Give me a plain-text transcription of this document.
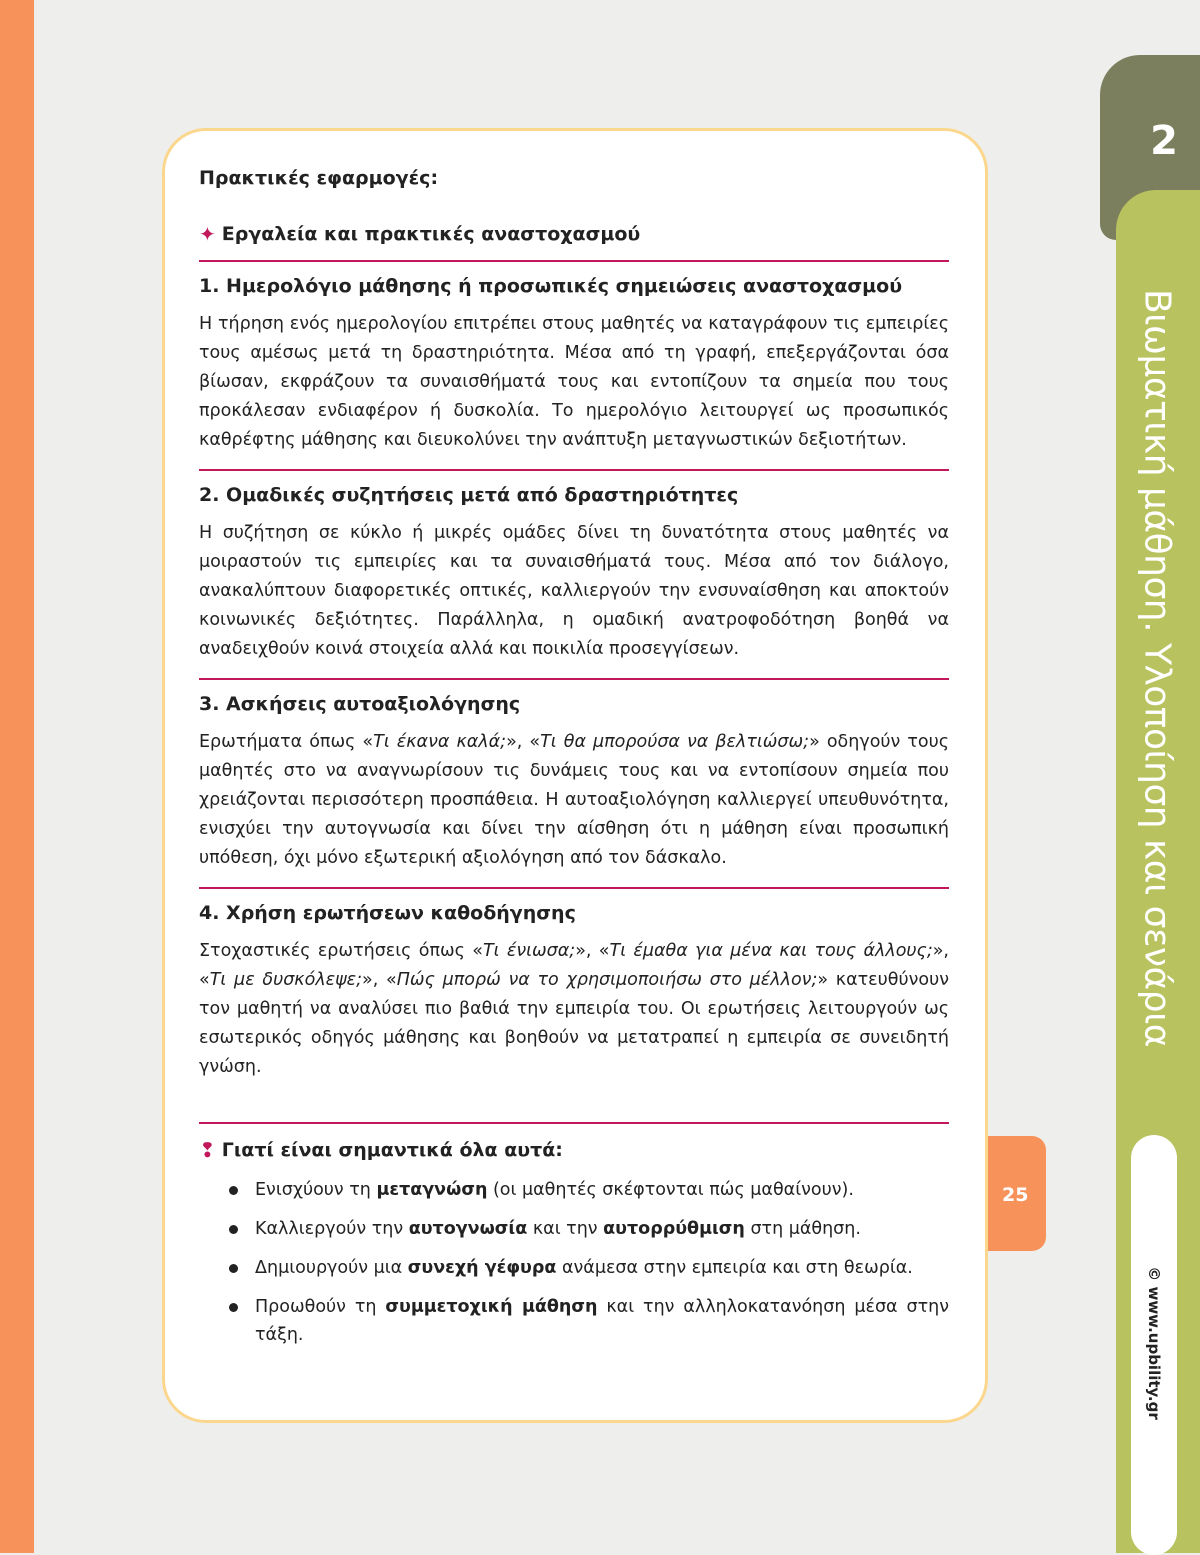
2
Βιωματική μάθηση. Υλοποίηση και σενάρια
© www.upbility.gr
25
Πρακτικές εφαρμογές:
✦ Εργαλεία και πρακτικές αναστοχασμού
1. Ημερολόγιο μάθησης ή προσωπικές σημειώσεις αναστοχασμού

Η τήρηση ενός ημερολογίου επιτρέπει στους μαθητές να καταγράφουν τις εμπειρίες τους αμέσως μετά τη δραστηριότητα. Μέσα από τη γραφή, επεξεργάζονται όσα βίωσαν, εκφράζουν τα συναισθήματά τους και εντοπίζουν τα σημεία που τους προκάλεσαν ενδιαφέρον ή δυσκολία. Το ημερολόγιο λειτουργεί ως προσωπικός καθρέφτης μάθησης και διευκολύνει την ανάπτυξη μεταγνωστικών δεξιοτήτων.

2. Ομαδικές συζητήσεις μετά από δραστηριότητες

Η συζήτηση σε κύκλο ή μικρές ομάδες δίνει τη δυνατότητα στους μαθητές να μοιραστούν τις εμπειρίες και τα συναισθήματά τους. Μέσα από τον διάλογο, ανακαλύπτουν διαφορετικές οπτικές, καλλιεργούν την ενσυναίσθηση και αποκτούν κοινωνικές δεξιότητες. Παράλληλα, η ομαδική ανατροφοδότηση βοηθά να αναδειχθούν κοινά στοιχεία αλλά και ποικιλία προσεγγίσεων.

3. Ασκήσεις αυτοαξιολόγησης

Ερωτήματα όπως «Τι έκανα καλά;», «Τι θα μπορούσα να βελτιώσω;» οδηγούν τους μαθητές στο να αναγνωρίσουν τις δυνάμεις τους και να εντοπίσουν σημεία που χρειάζονται περισσότερη προσπάθεια. Η αυτοαξιολόγηση καλλιεργεί υπευθυνότητα, ενισχύει την αυτογνωσία και δίνει την αίσθηση ότι η μάθηση είναι προσωπική υπόθεση, όχι μόνο εξωτερική αξιολόγηση από τον δάσκαλο.

4. Χρήση ερωτήσεων καθοδήγησης

Στοχαστικές ερωτήσεις όπως «Τι ένιωσα;», «Τι έμαθα για μένα και τους άλλους;», «Τι με δυσκόλεψε;», «Πώς μπορώ να το χρησιμοποιήσω στο μέλλον;» κατευθύνουν τον μαθητή να αναλύσει πιο βαθιά την εμπειρία του. Οι ερωτήσεις λειτουργούν ως εσωτερικός οδηγός μάθησης και βοηθούν να μετατραπεί η εμπειρία σε συνειδητή γνώση.

❢ Γιατί είναι σημαντικά όλα αυτά:
Ενισχύουν τη μεταγνώση (οι μαθητές σκέφτονται πώς μαθαίνουν).
Καλλιεργούν την αυτογνωσία και την αυτορρύθμιση στη μάθηση.
Δημιουργούν μια συνεχή γέφυρα ανάμεσα στην εμπειρία και στη θεωρία.
Προωθούν τη συμμετοχική μάθηση και την αλληλοκατανόηση μέσα στην τάξη.
